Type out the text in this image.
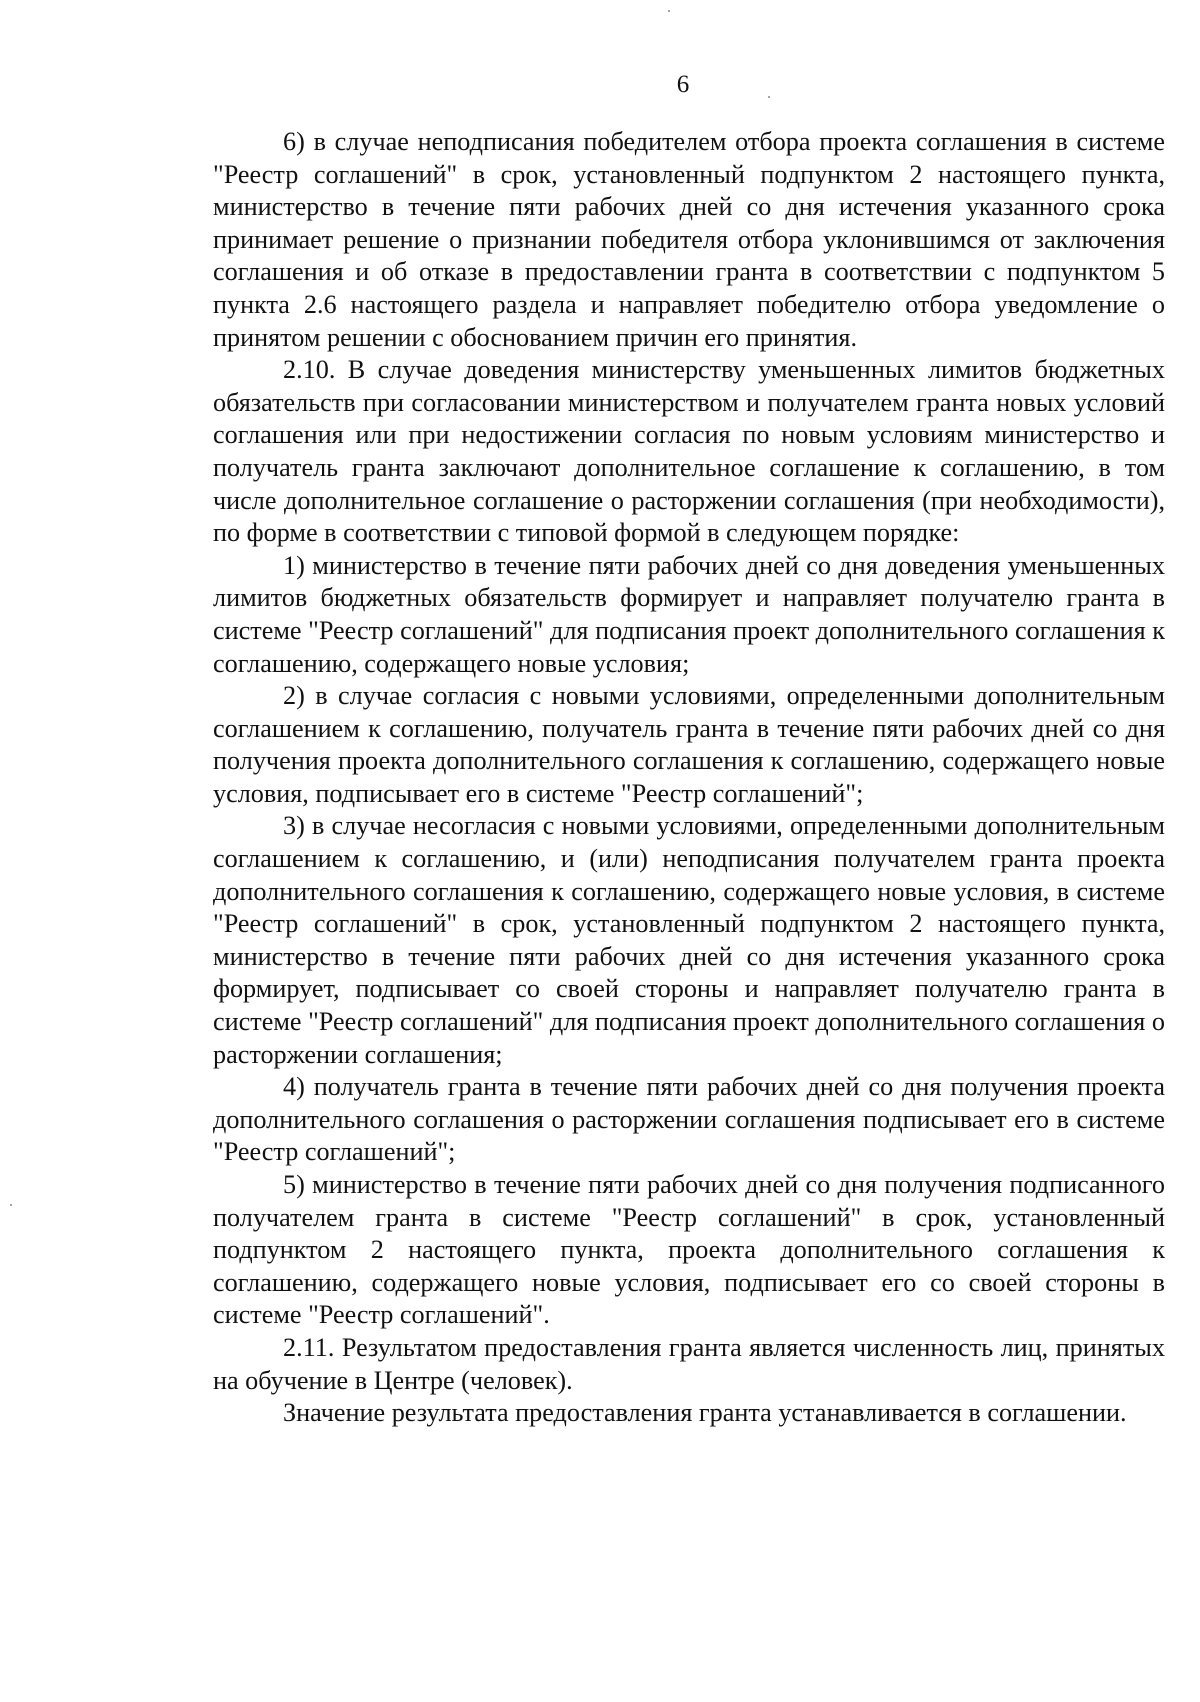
6

6) в случае неподписания победителем отбора проекта соглашения в системе "Реестр соглашений" в срок, установленный подпунктом 2 настоящего пункта, министерство в течение пяти рабочих дней со дня истечения указанного срока принимает решение о признании победителя отбора уклонившимся от заключения соглашения и об отказе в предоставлении гранта в соответствии с подпунктом 5 пункта 2.6 настоящего раздела и направляет победителю отбора уведомление о принятом решении с обоснованием причин его принятия.

2.10. В случае доведения министерству уменьшенных лимитов бюджетных обязательств при согласовании министерством и получателем гранта новых условий соглашения или при недостижении согласия по новым условиям министерство и получатель гранта заключают дополнительное соглашение к соглашению, в том числе дополнительное соглашение о расторжении соглашения (при необходимости), по форме в соответствии с типовой формой в следующем порядке:

1) министерство в течение пяти рабочих дней со дня доведения уменьшенных лимитов бюджетных обязательств формирует и направляет получателю гранта в системе "Реестр соглашений" для подписания проект дополнительного соглашения к соглашению, содержащего новые условия;

2) в случае согласия с новыми условиями, определенными дополнительным соглашением к соглашению, получатель гранта в течение пяти рабочих дней со дня получения проекта дополнительного соглашения к соглашению, содержащего новые условия, подписывает его в системе "Реестр соглашений";

3) в случае несогласия с новыми условиями, определенными дополнительным соглашением к соглашению, и (или) неподписания получателем гранта проекта дополнительного соглашения к соглашению, содержащего новые условия, в системе "Реестр соглашений" в срок, установленный подпунктом 2 настоящего пункта, министерство в течение пяти рабочих дней со дня истечения указанного срока формирует, подписывает со своей стороны и направляет получателю гранта в системе "Реестр соглашений" для подписания проект дополнительного соглашения о расторжении соглашения;

4) получатель гранта в течение пяти рабочих дней со дня получения проекта дополнительного соглашения о расторжении соглашения подписывает его в системе "Реестр соглашений";

5) министерство в течение пяти рабочих дней со дня получения подписанного получателем гранта в системе "Реестр соглашений" в срок, установленный подпунктом 2 настоящего пункта, проекта дополнительного соглашения к соглашению, содержащего новые условия, подписывает его со своей стороны в системе "Реестр соглашений".

2.11. Результатом предоставления гранта является численность лиц, принятых на обучение в Центре (человек).

Значение результата предоставления гранта устанавливается в соглашении.
